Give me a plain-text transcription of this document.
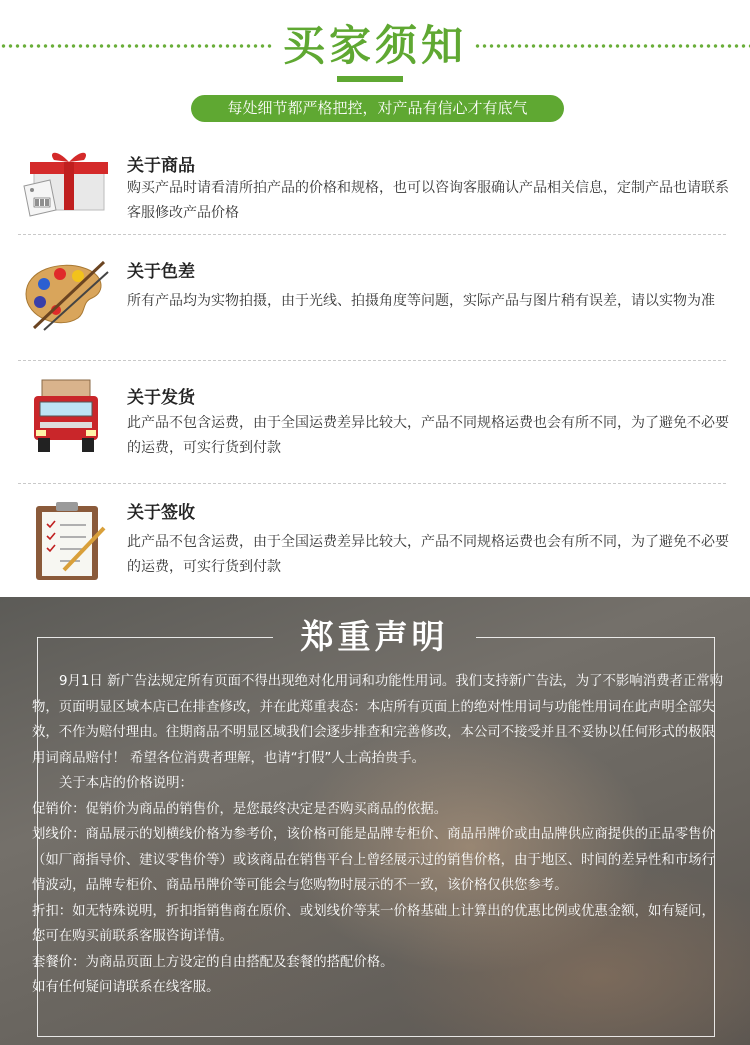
买家须知
每处细节都严格把控，对产品有信心才有底气
关于商品
购买产品时请看清所拍产品的价格和规格，也可以咨询客服确认产品相关信息，定制产品也请联系客服修改产品价格
关于色差
所有产品均为实物拍摄，由于光线、拍摄角度等问题，实际产品与图片稍有误差，请以实物为准
关于发货
此产品不包含运费，由于全国运费差异比较大，产品不同规格运费也会有所不同，为了避免不必要的运费，可实行货到付款
关于签收
此产品不包含运费，由于全国运费差异比较大，产品不同规格运费也会有所不同，为了避免不必要的运费，可实行货到付款
郑重声明

9月1日 新广告法规定所有页面不得出现绝对化用词和功能性用词。我们支持新广告法，为了不影响消费者正常购物，页面明显区域本店已在排查修改，并在此郑重表态：本店所有页面上的绝对性用词与功能性用词在此声明全部失效，不作为赔付理由。往期商品不明显区域我们会逐步排查和完善修改，本公司不接受并且不妥协以任何形式的极限用词商品赔付！ 希望各位消费者理解，也请“打假”人士高抬贵手。

关于本店的价格说明：

促销价：促销价为商品的销售价，是您最终决定是否购买商品的依据。

划线价：商品展示的划横线价格为参考价，该价格可能是品牌专柜价、商品吊牌价或由品牌供应商提供的正品零售价（如厂商指导价、建议零售价等）或该商品在销售平台上曾经展示过的销售价格，由于地区、时间的差异性和市场行情波动，品牌专柜价、商品吊牌价等可能会与您购物时展示的不一致，该价格仅供您参考。

折扣：如无特殊说明，折扣指销售商在原价、或划线价等某一价格基础上计算出的优惠比例或优惠金额，如有疑问，您可在购买前联系客服咨询详情。

套餐价：为商品页面上方设定的自由搭配及套餐的搭配价格。

如有任何疑问请联系在线客服。
